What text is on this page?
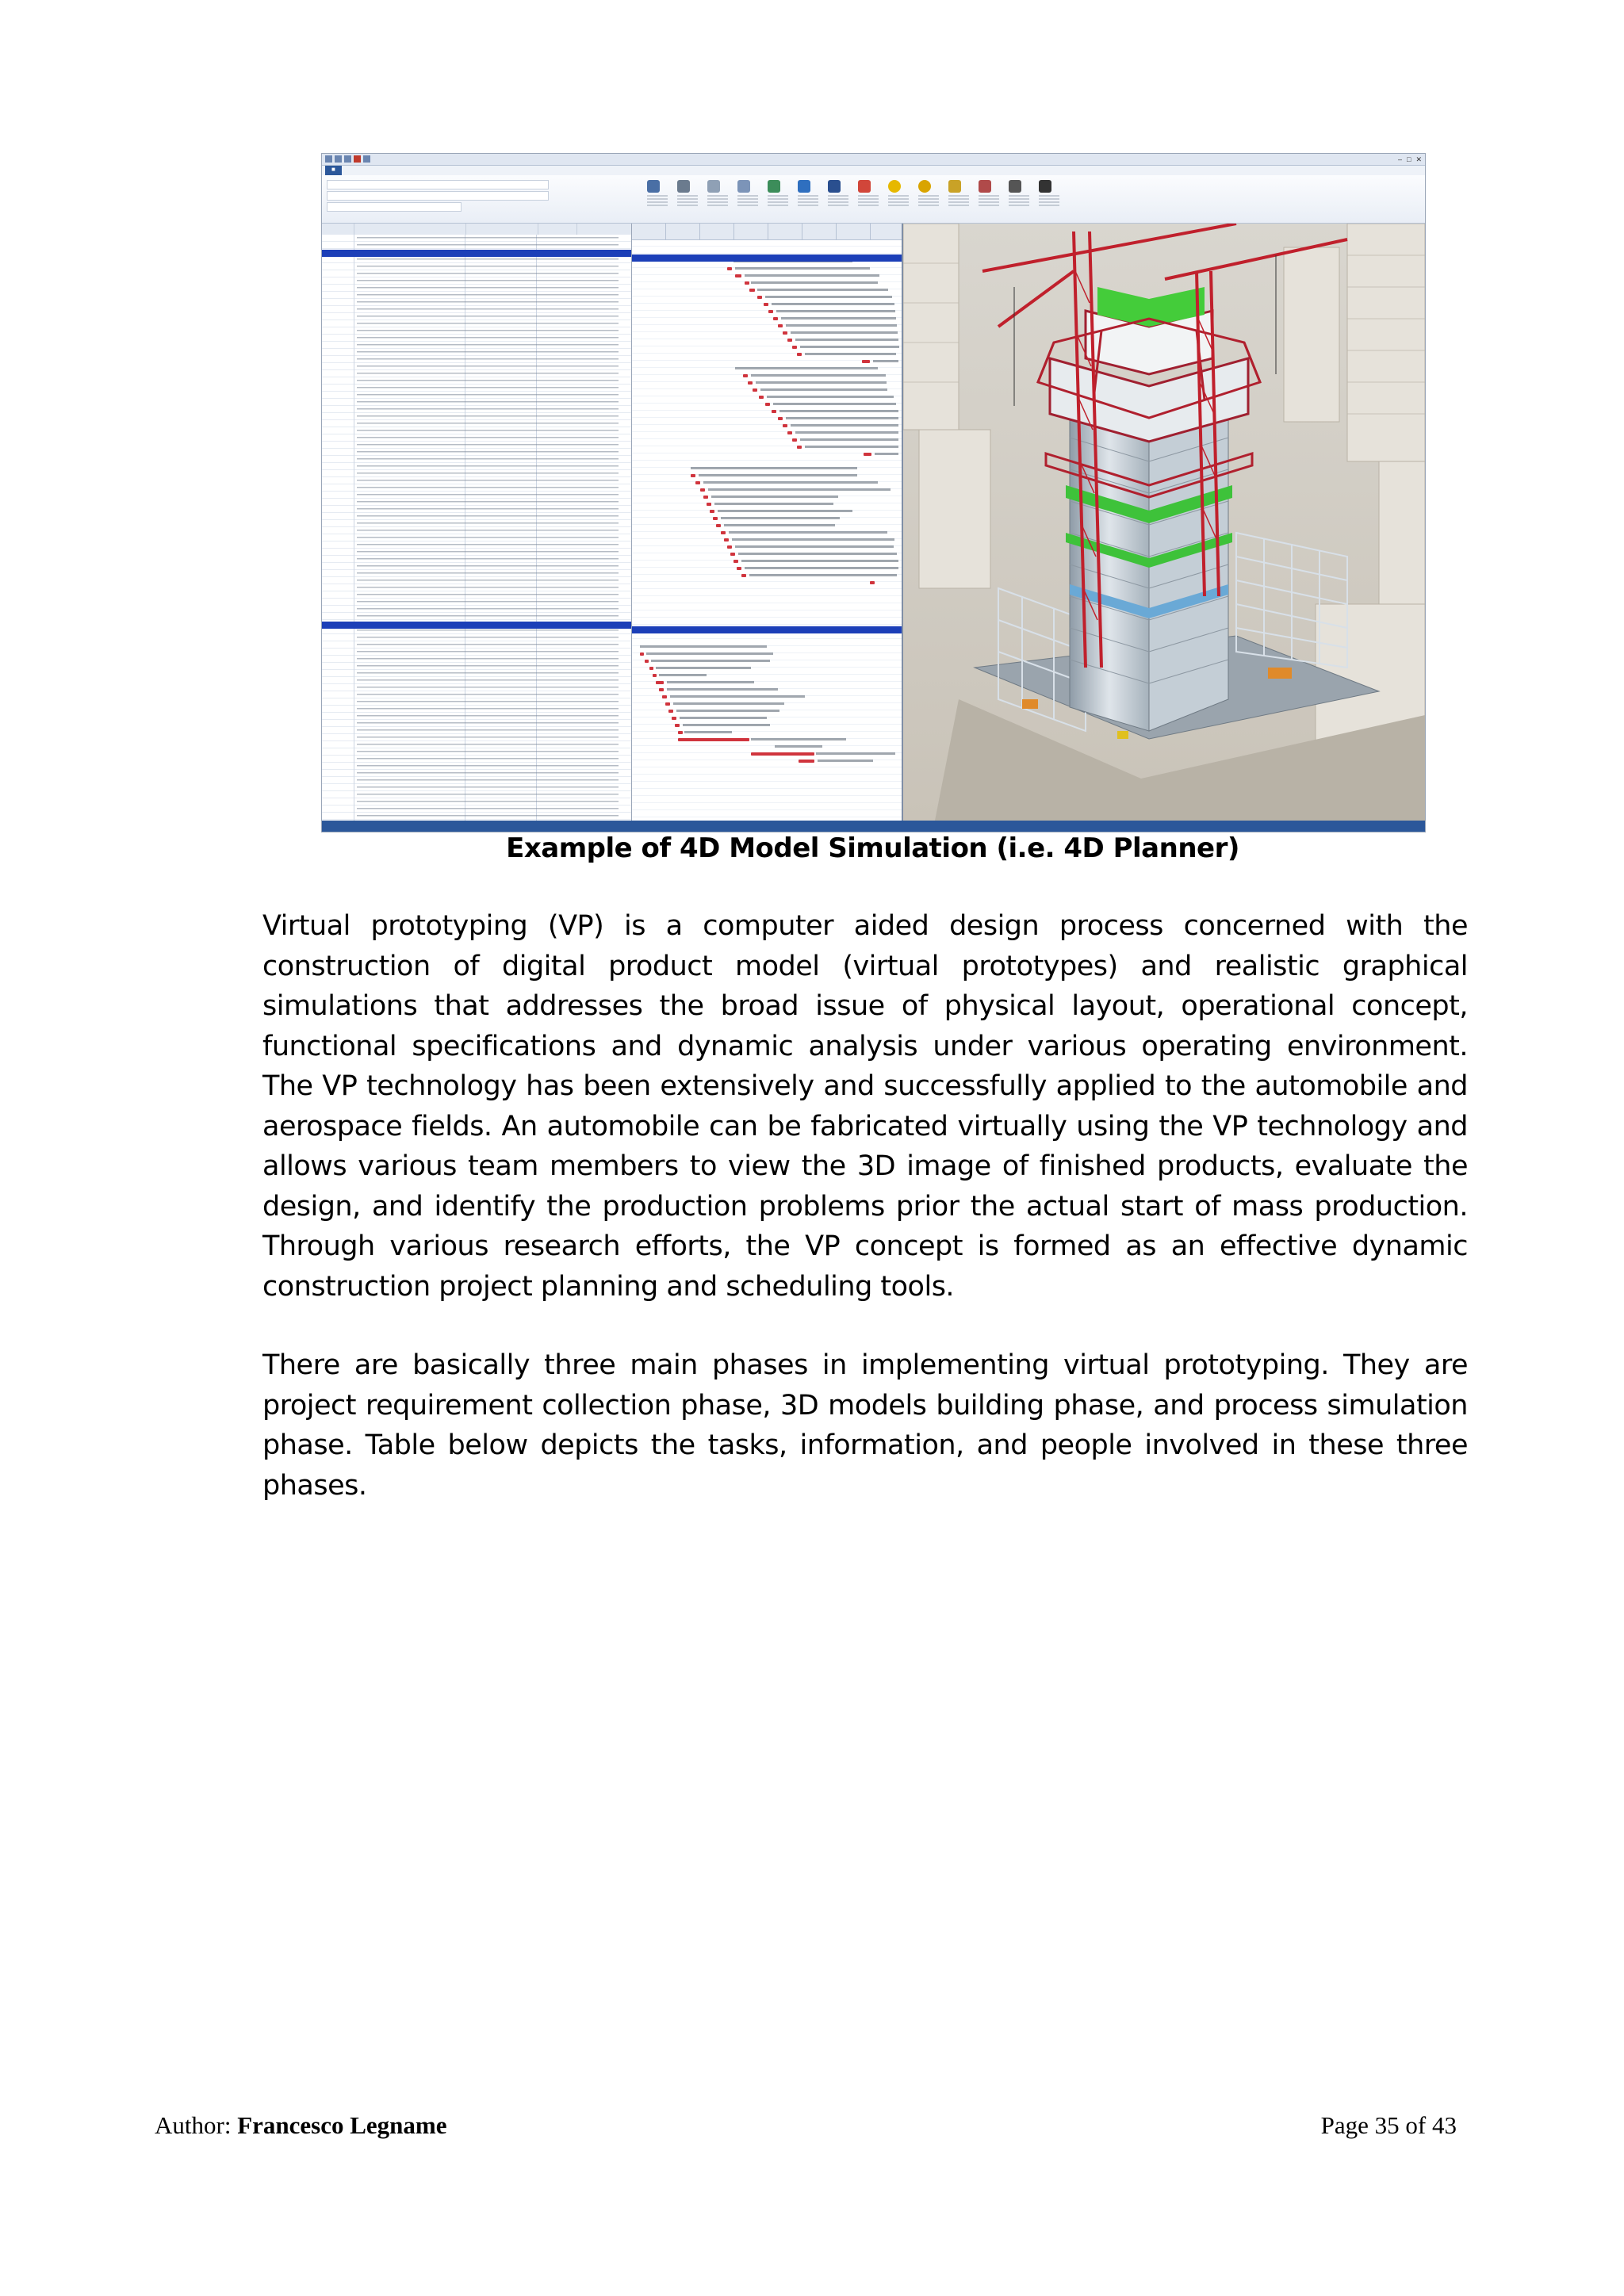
– □ ✕
■
Example of 4D Model Simulation (i.e. 4D Planner)

Virtual prototyping (VP) is a computer aided design process concerned with the construction of digital product model (virtual prototypes) and realistic graphical simulations that addresses the broad issue of physical layout, operational concept, functional specifications and dynamic analysis under various operating environment. The VP technology has been extensively and successfully applied to the automobile and aerospace fields. An automobile can be fabricated virtually using the VP technology and allows various team members to view the 3D image of finished products, evaluate the design, and identify the production problems prior the actual start of mass production. Through various research efforts, the VP concept is formed as an effective dynamic construction project planning and scheduling tools.

There are basically three main phases in implementing virtual prototyping. They are project requirement collection phase, 3D models building phase, and process simulation phase. Table below depicts the tasks, information, and people involved in these three phases.

Author: Francesco Legname	Page 35 of 43
